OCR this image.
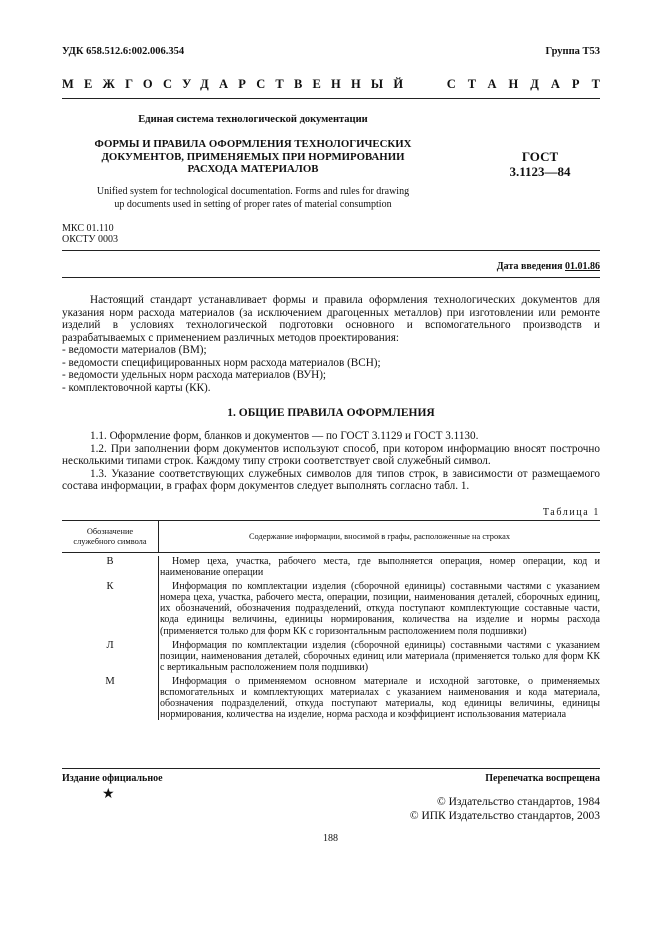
УДК 658.512.6:002.006.354	Группа Т53
МЕЖГОСУДАРСТВЕННЫЙ	СТАНДАРТ
Единая система технологической документации
ФОРМЫ И ПРАВИЛА ОФОРМЛЕНИЯ ТЕХНОЛОГИЧЕСКИХ
ДОКУМЕНТОВ, ПРИМЕНЯЕМЫХ ПРИ НОРМИРОВАНИИ
РАСХОДА МАТЕРИАЛОВ
ГОСТ
3.1123—84
Unified system for technological documentation. Forms and rules for drawing
up documents used in setting of proper rates of material consumption
МКС 01.110
ОКСТУ 0003
Дата введения 01.01.86

Настоящий стандарт устанавливает формы и правила оформления технологических документов для указания норм расхода материалов (за исключением драгоценных металлов) при изготовлении или ремонте изделий в условиях технологической подготовки основного и вспомогательного производств и разрабатываемых с применением различных методов проектирования:

- ведомости материалов (ВМ);

- ведомости специфицированных норм расхода материалов (ВСН);

- ведомости удельных норм расхода материалов (ВУН);

- комплектовочной карты (КК).

1. ОБЩИЕ ПРАВИЛА ОФОРМЛЕНИЯ

1.1. Оформление форм, бланков и документов — по ГОСТ 3.1129 и ГОСТ 3.1130.

1.2. При заполнении форм документов используют способ, при котором информацию вносят построчно несколькими типами строк. Каждому типу строки соответствует свой служебный символ.

1.3. Указание соответствующих служебных символов для типов строк, в зависимости от размещаемого состава информации, в графах форм документов следует выполнять согласно табл. 1.

Таблица 1
Обозначение
служебного символа	Содержание информации, вносимой в графы, расположенные на строках
В	Номер цеха, участка, рабочего места, где выполняется операция, номер операции, код и наименование операции
К	Информация по комплектации изделия (сборочной единицы) составными частями с указанием номера цеха, участка, рабочего места, операции, позиции, наименования деталей, сборочных единиц, их обозначений, обозначения подразделений, откуда поступают комплектующие составные части, кода единицы величины, единицы нормирования, количества на изделие и нормы расхода (применяется только для форм КК с горизонтальным расположением поля подшивки)
Л	Информация по комплектации изделия (сборочной единицы) составными частями с указанием позиции, наименования деталей, сборочных единиц или материала (применяется только для форм КК с вертикальным расположением поля подшивки)
М	Информация о применяемом основном материале и исходной заготовке, о применяемых вспомогательных и комплектующих материалах с указанием наименования и кода материала, обозначения подразделений, откуда поступают материалы, код единицы величины, единицы нормирования, количества на изделие, норма расхода и коэффициент использования материала
Издание официальное	Перепечатка воспрещена
★	© Издательство стандартов, 1984
© ИПК Издательство стандартов, 2003
188
